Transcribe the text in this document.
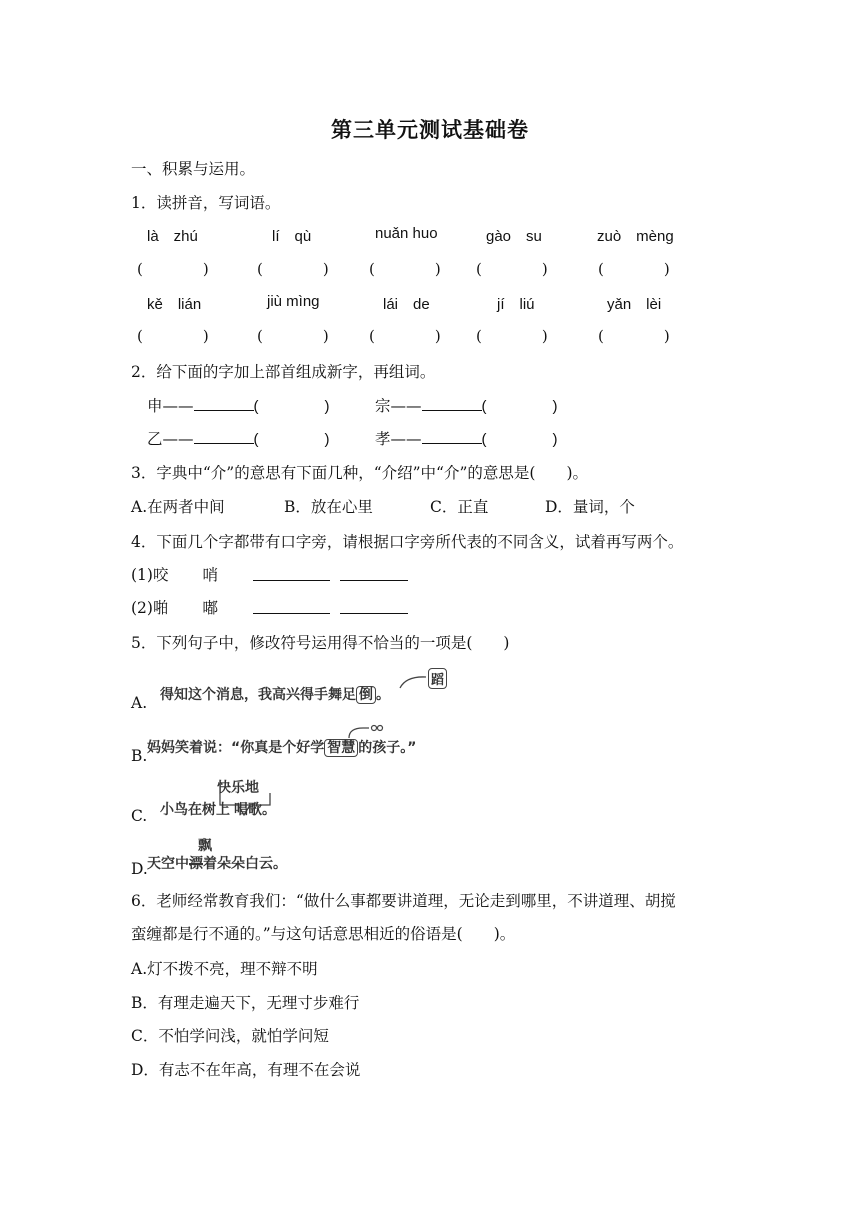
第三单元测试基础卷
一、积累与运用。
1．读拼音，写词语。
là　zhú	lí　qù	nuǎn huo	gào　su	zuò　mèng
(　　　　)	(　　　　)	(　　　　) (　　　　)	(　　　　)
kě　lián	jiù mìng	lái　de	jí　liú	yǎn　lèi
(　　　　)	(　　　　)	(　　　　) (　　　　)	(　　　　)
2．给下面的字加上部首组成新字，再组词。
申——	(	)	宗——	(	)
乙——	(	)	孝——	(	)
3．字典中“介”的意思有下面几种，“介绍”中“介”的意思是(　　)。
A.在两者中间	B．放在心里	C．正直	D．量词，个
4．下面几个字都带有口字旁，请根据口字旁所代表的不同含义，试着再写两个。
(1)咬 哨
(2)啪 嘟
5．下列句子中，修改符号运用得不恰当的一项是(　　)
A. 得知这个消息，我高兴得手舞足 倒 。
蹈
B. 妈妈笑着说：“你真是个好学 智慧 的孩子。”
C.
快乐地
小鸟在树上 唱歌。
D.
飘
天空中漂着朵朵白云。
6．老师经常教育我们：“做什么事都要讲道理，无论走到哪里，不讲道理、胡搅
蛮缠都是行不通的。”与这句话意思相近的俗语是(　　)。
A.灯不拨不亮，理不辩不明
B．有理走遍天下，无理寸步难行
C．不怕学问浅，就怕学问短
D．有志不在年高，有理不在会说
